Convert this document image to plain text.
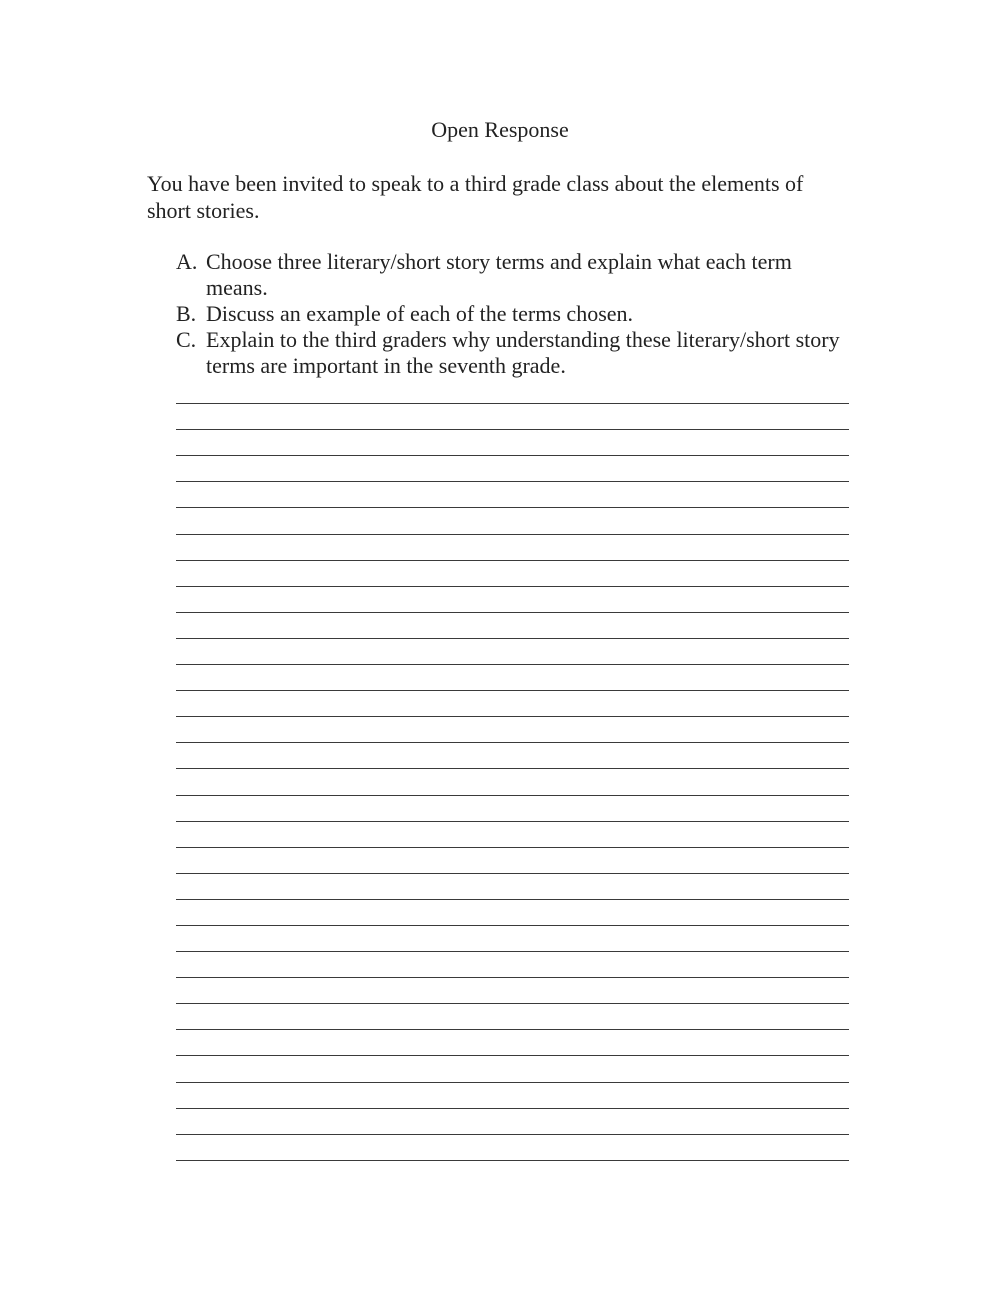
Open Response
You have been invited to speak to a third grade class about the elements of short stories.
A. Choose three literary/short story terms and explain what each term means.
B. Discuss an example of each of the terms chosen.
C. Explain to the third graders why understanding these literary/short story terms are important in the seventh grade.
